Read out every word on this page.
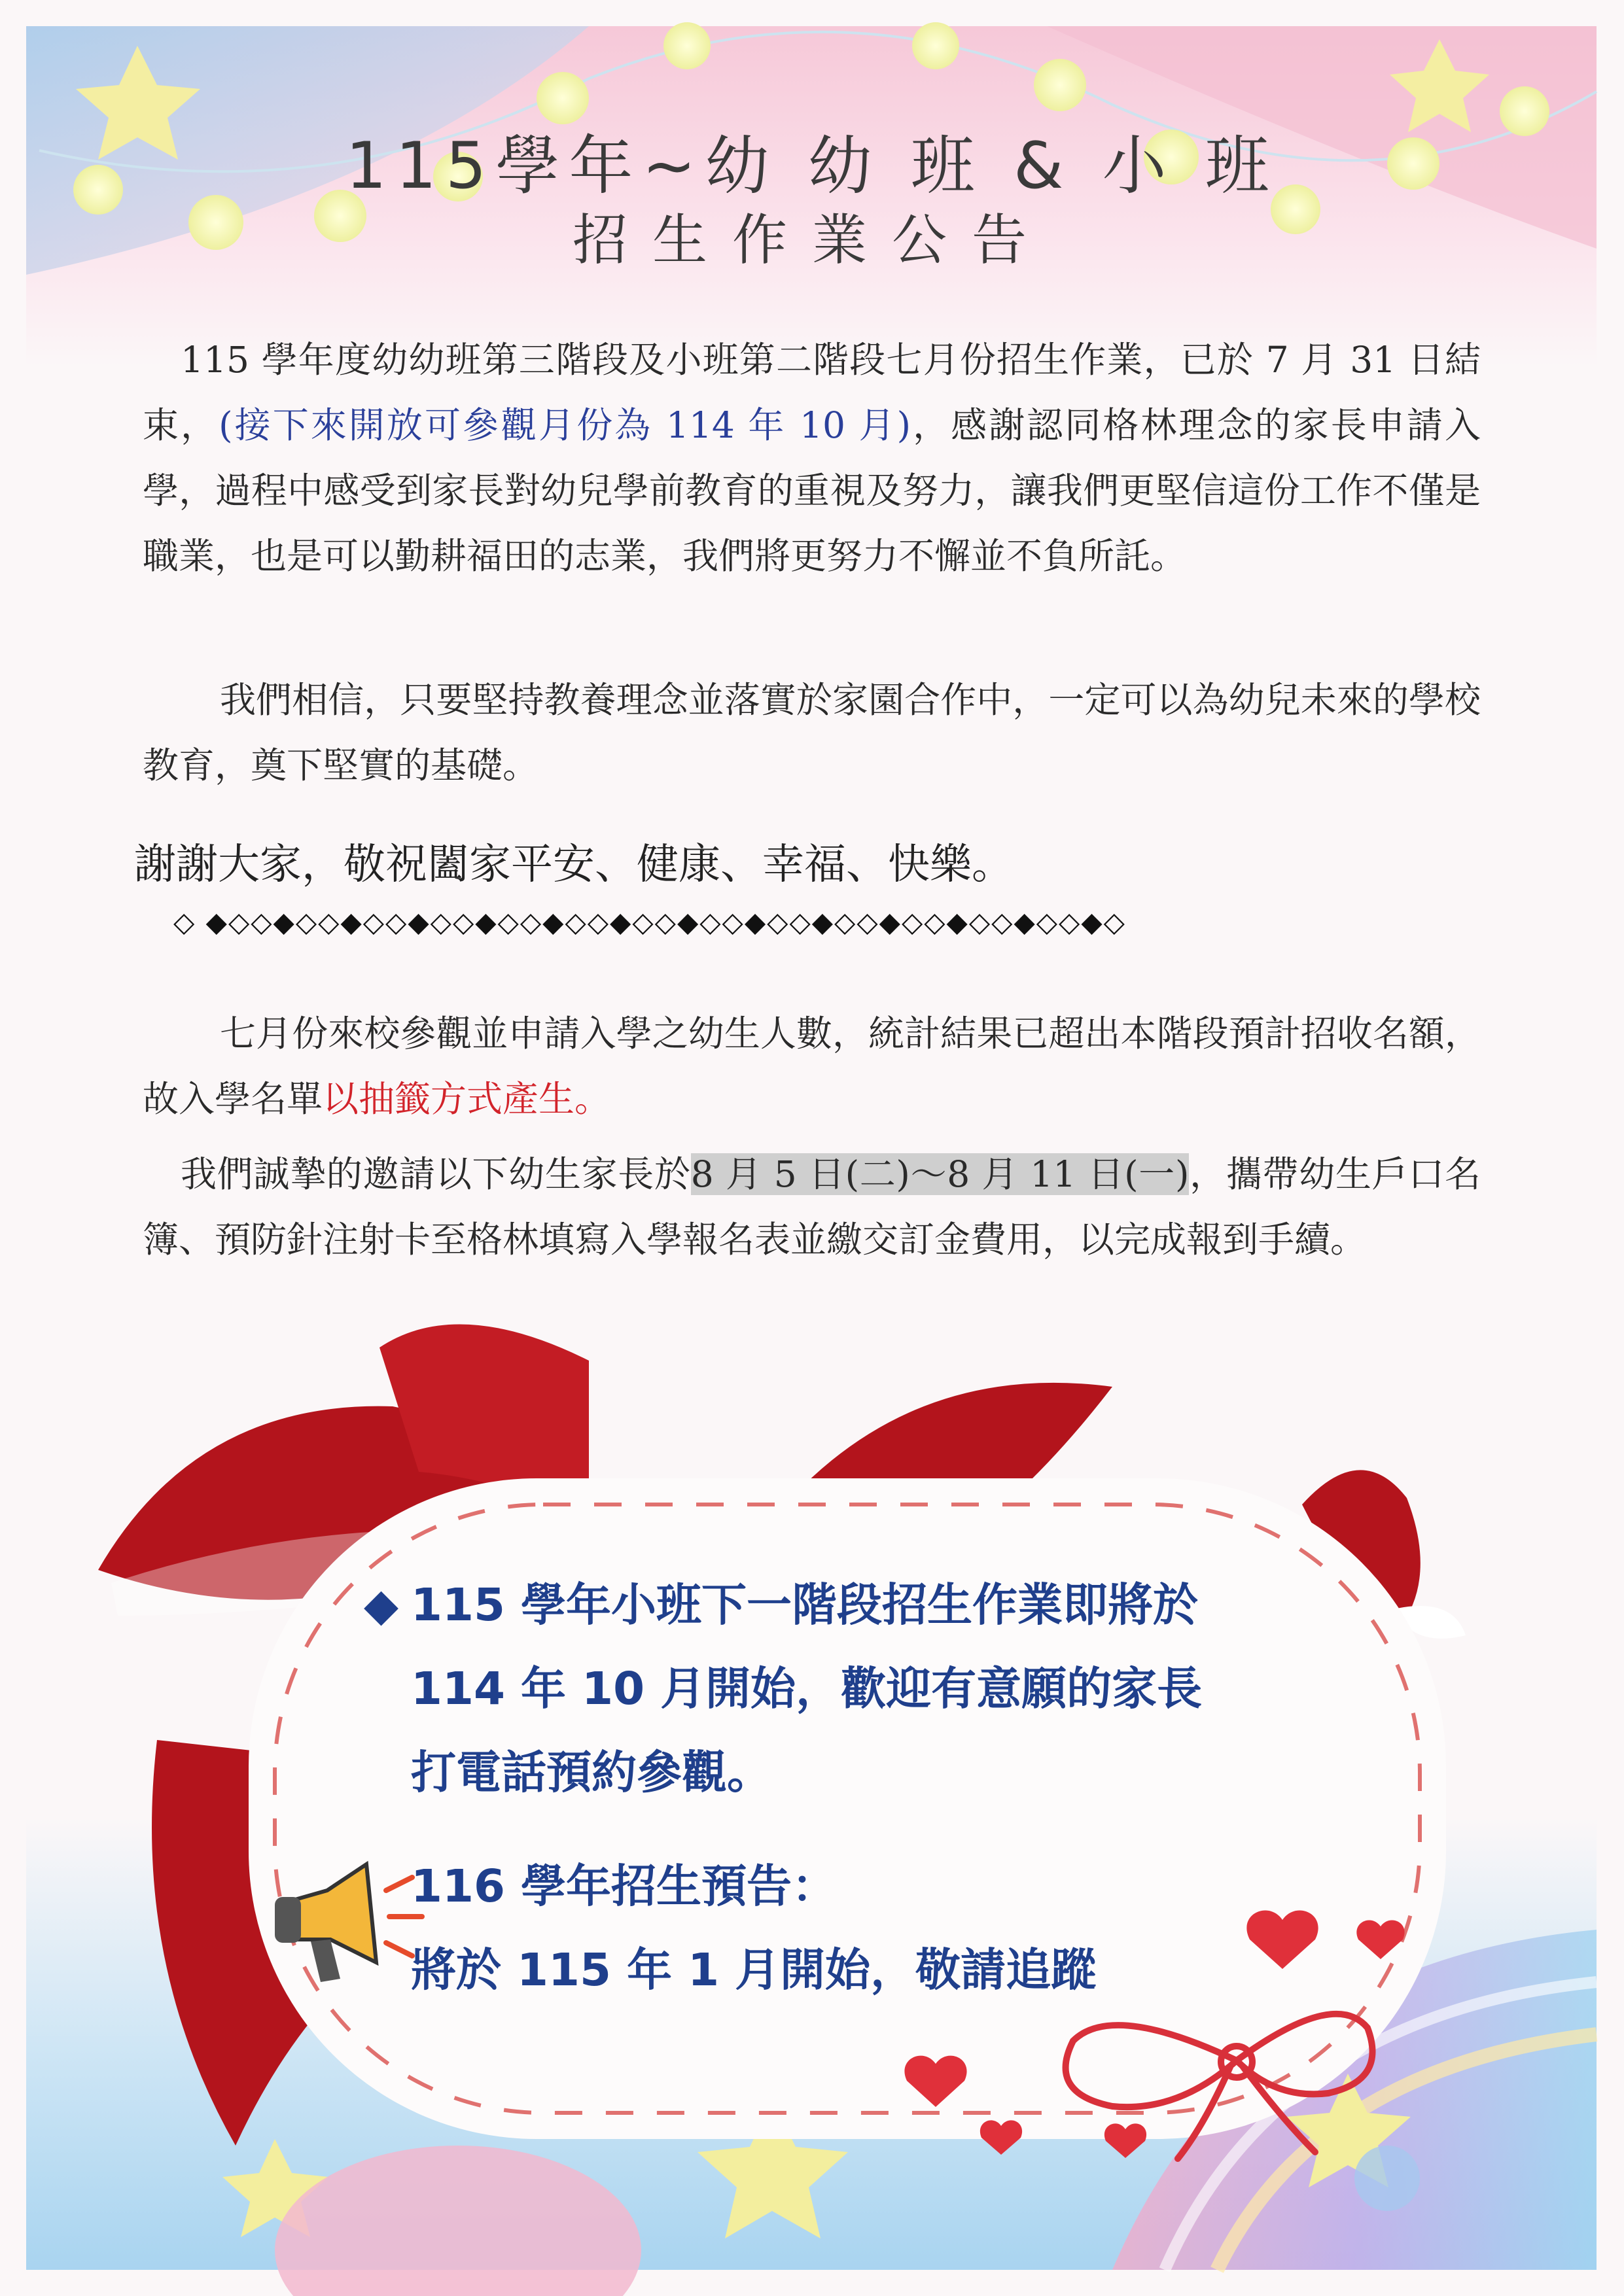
115學年~幼 幼 班 & 小 班
招生作業公告
115 學年度幼幼班第三階段及小班第二階段七月份招生作業，已於 7 月 31 日結束，(接下來開放可參觀月份為 114 年 10 月)，感謝認同格林理念的家長申請入學，過程中感受到家長對幼兒學前教育的重視及努力，讓我們更堅信這份工作不僅是職業，也是可以勤耕福田的志業，我們將更努力不懈並不負所託。
我們相信，只要堅持教養理念並落實於家園合作中，一定可以為幼兒未來的學校教育，奠下堅實的基礎。
謝謝大家，敬祝闔家平安、健康、幸福、快樂。
◇ ◆◇◇◆◇◇◆◇◇◆◇◇◆◇◇◆◇◇◆◇◇◆◇◇◆◇◇◆◇◇◆◇◇◆◇◇◆◇◇◆◇
七月份來校參觀並申請入學之幼生人數，統計結果已超出本階段預計招收名額，故入學名單以抽籤方式產生。
我們誠摯的邀請以下幼生家長於8 月 5 日(二)～8 月 11 日(一)，攜帶幼生戶口名簿、預防針注射卡至格林填寫入學報名表並繳交訂金費用，以完成報到手續。
◆ 115 學年小班下一階段招生作業即將於
114 年 10 月開始，歡迎有意願的家長
打電話預約參觀。
116 學年招生預告：
將於 115 年 1 月開始，敬請追蹤
